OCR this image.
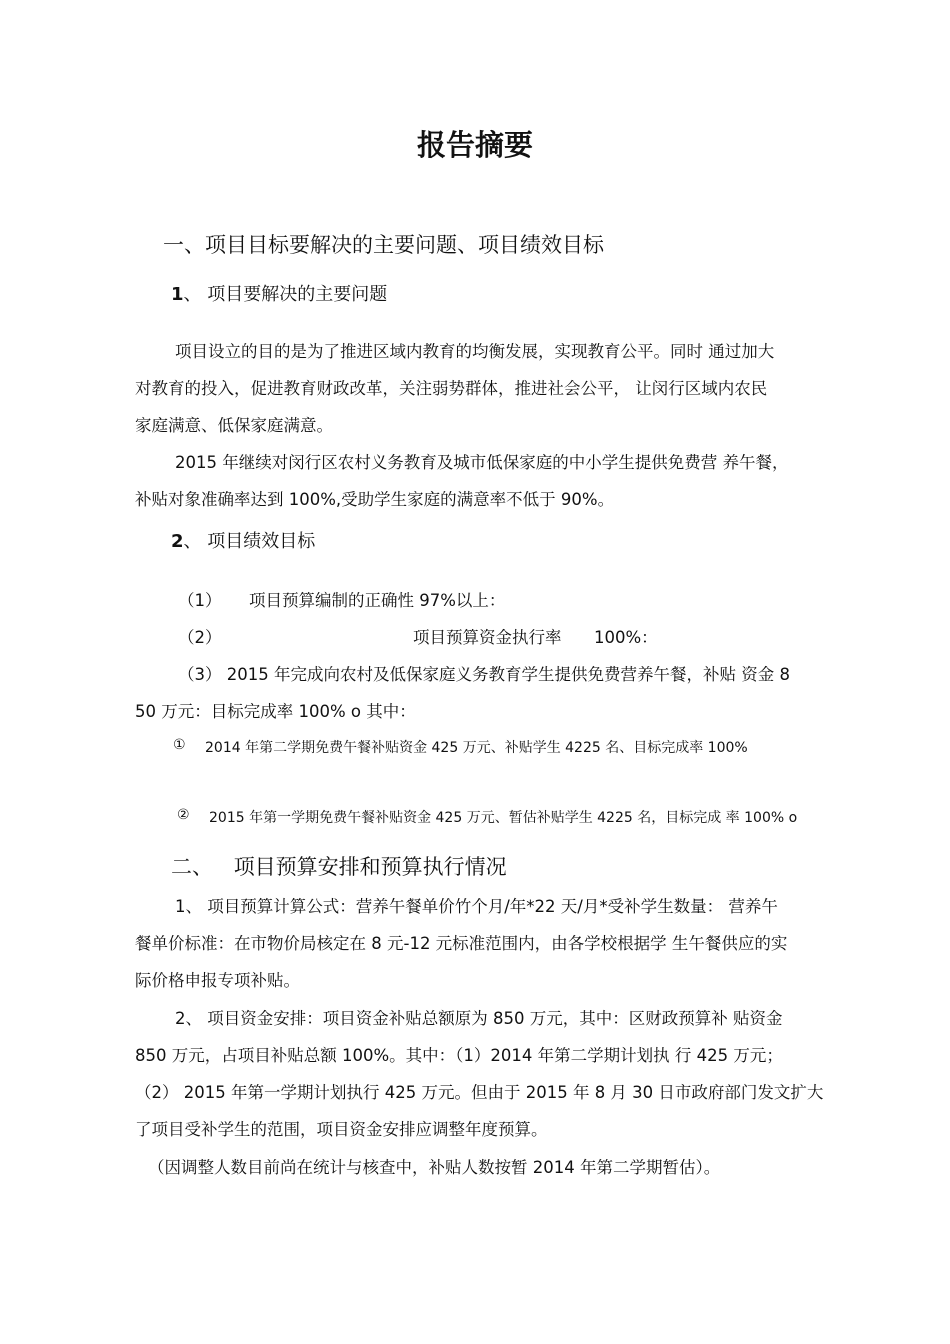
报告摘要
一、项目目标要解决的主要问题、项目绩效目标
1、 项目要解决的主要问题
项目设立的目的是为了推进区域内教育的均衡发展，实现教育公平。同时 通过加大
对教育的投入，促进教育财政改革，关注弱势群体，推进社会公平， 让闵行区域内农民
家庭满意、低保家庭满意。
2015 年继续对闵行区农村义务教育及城市低保家庭的中小学生提供免费营 养午餐，
补贴对象准确率达到 100%,受助学生家庭的满意率不低于 90%。
2、 项目绩效目标
（1） 项目预算编制的正确性 97%以上：
（2）	项目预算资金执行率 100%：
（3） 2015 年完成向农村及低保家庭义务教育学生提供免费营养午餐，补贴 资金 8
50 万元：目标完成率 100% o 其中：
① 2014 年第二学期免费午餐补贴资金 425 万元、补贴学生 4225 名、目标完成率 100%
② 2015 年第一学期免费午餐补贴资金 425 万元、暂估补贴学生 4225 名，目标完成 率 100% o
二、 项目预算安排和预算执行情况
1、 项目预算计算公式：营养午餐单价竹个月/年*22 天/月*受补学生数量： 营养午
餐单价标准：在市物价局核定在 8 元-12 元标准范围内，由各学校根据学 生午餐供应的实
际价格申报专项补贴。
2、 项目资金安排：项目资金补贴总额原为 850 万元，其中：区财政预算补 贴资金
850 万元，占项目补贴总额 100%。其中：（1）2014 年第二学期计划执 行 425 万元；
（2） 2015 年第一学期计划执行 425 万元。但由于 2015 年 8 月 30 日市政府部门发文扩大
了项目受补学生的范围，项目资金安排应调整年度预算。
（因调整人数目前尚在统计与核查中，补贴人数按暂 2014 年第二学期暂估）。
